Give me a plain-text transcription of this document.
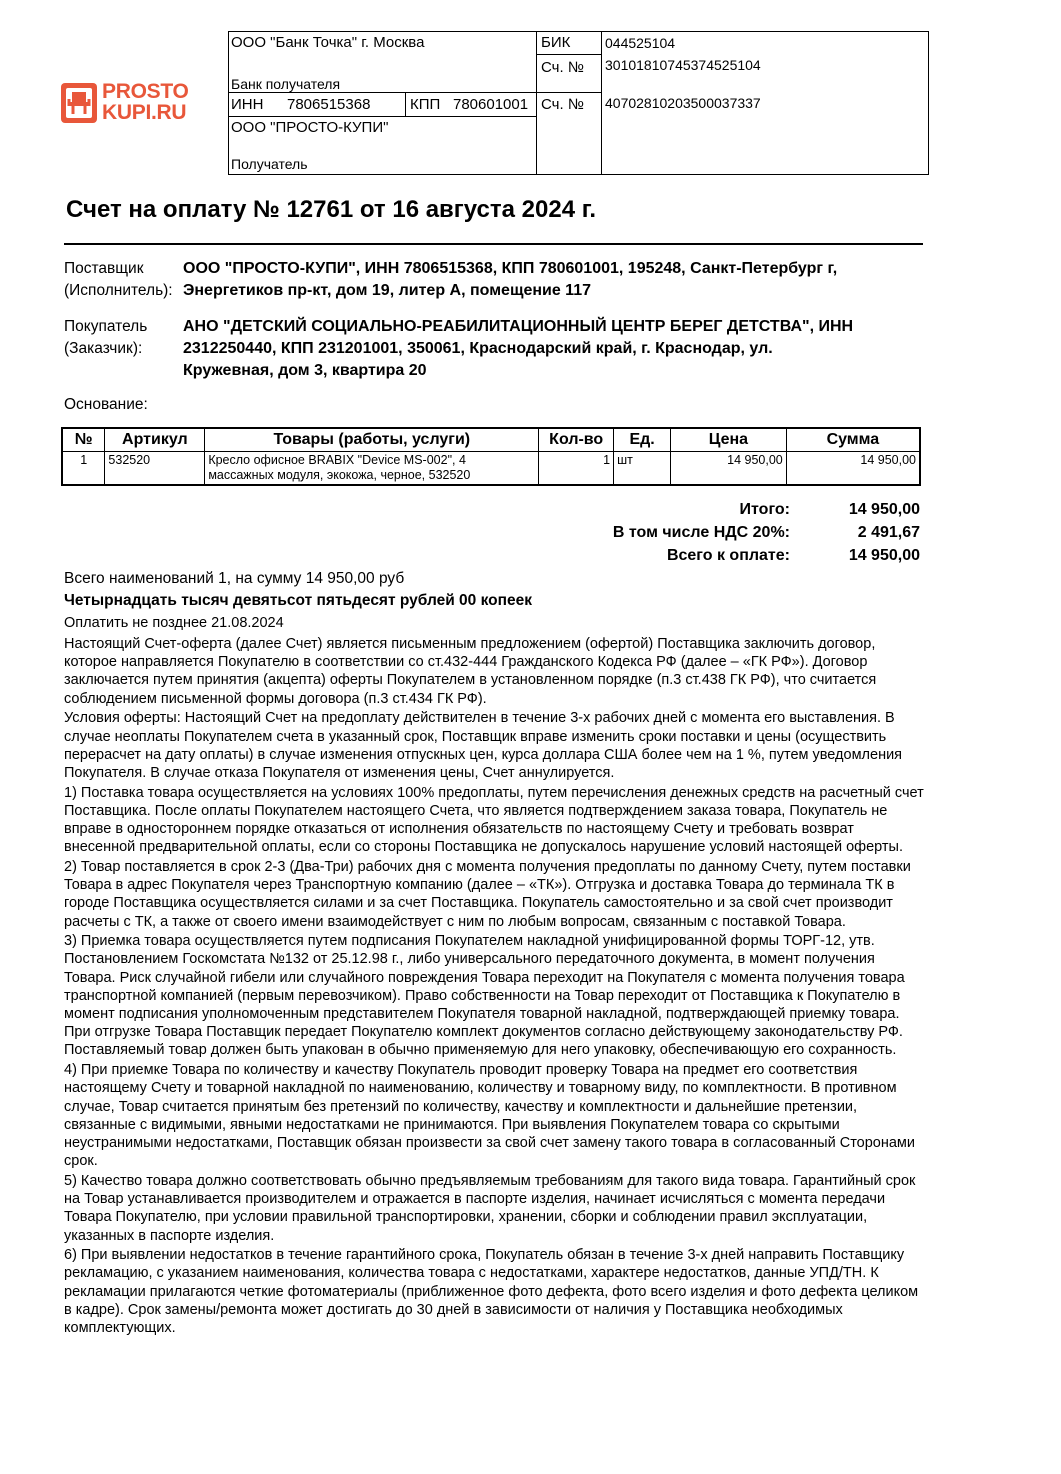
PROSTO
KUPI.RU
ООО "Банк Точка" г. Москва
Банк получателя
БИК 044525104
Сч. № 30101810745374525104
ИНН 7806515368	КПП 780601001 Сч. № 40702810203500037337
ООО "ПРОСТО-КУПИ"
Получатель
Счет на оплату № 12761 от 16 августа 2024 г.
Поставщик
(Исполнитель):
ООО "ПРОСТО-КУПИ", ИНН 7806515368, КПП 780601001, 195248, Санкт-Петербург г,
Энергетиков пр-кт, дом 19, литер А, помещение 117
Покупатель
(Заказчик):
АНО "ДЕТСКИЙ СОЦИАЛЬНО-РЕАБИЛИТАЦИОННЫЙ ЦЕНТР БЕРЕГ ДЕТСТВА", ИНН
2312250440, КПП 231201001, 350061, Краснодарский край, г. Краснодар, ул.
Кружевная, дом 3, квартира 20
Основание:
№	Артикул	Товары (работы, услуги)	Кол-во	Ед.	Цена	Сумма
1	532520	Кресло офисное BRABIX "Device MS-002", 4
массажных модуля, экокожа, черное, 532520	1	шт	14 950,00	14 950,00
Итого:	14 950,00
В том числе НДС 20%:	2 491,67
Всего к оплате:	14 950,00
Всего наименований 1, на сумму 14 950,00 руб
Четырнадцать тысяч девятьсот пятьдесят рублей 00 копеек
Оплатить не позднее 21.08.2024

Настоящий Счет-оферта (далее Счет) является письменным предложением (офертой) Поставщика заключить договор, которое направляется Покупателю в соответствии со ст.432-444 Гражданского Кодекса РФ (далее – «ГК РФ»). Договор заключается путем принятия (акцепта) оферты Покупателем в установленном порядке (п.3 ст.438 ГК РФ), что считается соблюдением письменной формы договора (п.3 ст.434 ГК РФ).

Условия оферты: Настоящий Счет на предоплату действителен в течение 3-х рабочих дней с момента его выставления. В случае неоплаты Покупателем счета в указанный срок, Поставщик вправе изменить сроки поставки и цены (осуществить перерасчет на дату оплаты) в случае изменения отпускных цен, курса доллара США более чем на 1 %, путем уведомления Покупателя. В случае отказа Покупателя от изменения цены, Счет аннулируется.

1) Поставка товара осуществляется на условиях 100% предоплаты, путем перечисления денежных средств на расчетный счет Поставщика. После оплаты Покупателем настоящего Счета, что является подтверждением заказа товара, Покупатель не вправе в одностороннем порядке отказаться от исполнения обязательств по настоящему Счету и требовать возврат внесенной предварительной оплаты, если со стороны Поставщика не допускалось нарушение условий настоящей оферты.

2) Товар поставляется в срок 2-3 (Два-Три) рабочих дня с момента получения предоплаты по данному Счету, путем поставки Товара в адрес Покупателя через Транспортную компанию (далее – «ТК»). Отгрузка и доставка Товара до терминала ТК в городе Поставщика осуществляется силами и за счет Поставщика. Покупатель самостоятельно и за свой счет производит расчеты с ТК, а также от своего имени взаимодействует с ним по любым вопросам, связанным с поставкой Товара.

3) Приемка товара осуществляется путем подписания Покупателем накладной унифицированной формы ТОРГ-12, утв. Постановлением Госкомстата №132 от 25.12.98 г., либо универсального передаточного документа, в момент получения Товара. Риск случайной гибели или случайного повреждения Товара переходит на Покупателя с момента получения товара транспортной компанией (первым перевозчиком). Право собственности на Товар переходит от Поставщика к Покупателю в момент подписания уполномоченным представителем Покупателя товарной накладной, подтверждающей приемку товара. При отгрузке Товара Поставщик передает Покупателю комплект документов согласно действующему законодательству РФ. Поставляемый товар должен быть упакован в обычно применяемую для него упаковку, обеспечивающую его сохранность.

4) При приемке Товара по количеству и качеству Покупатель проводит проверку Товара на предмет его соответствия настоящему Счету и товарной накладной по наименованию, количеству и товарному виду, по комплектности. В противном случае, Товар считается принятым без претензий по количеству, качеству и комплектности и дальнейшие претензии, связанные с видимыми, явными недостатками не принимаются. При выявления Покупателем товара со скрытыми неустранимыми недостатками, Поставщик обязан произвести за свой счет замену такого товара в согласованный Сторонами срок.

5) Качество товара должно соответствовать обычно предъявляемым требованиям для такого вида товара. Гарантийный срок на Товар устанавливается производителем и отражается в паспорте изделия, начинает исчисляться с момента передачи Товара Покупателю, при условии правильной транспортировки, хранении, сборки и соблюдении правил эксплуатации, указанных в паспорте изделия.

6) При выявлении недостатков в течение гарантийного срока, Покупатель обязан в течение 3-х дней направить Поставщику рекламацию, с указанием наименования, количества товара с недостатками, характере недостатков, данные УПД/ТН. К рекламации прилагаются четкие фотоматериалы (приближенное фото дефекта, фото всего изделия и фото дефекта целиком в кадре). Срок замены/ремонта может достигать до 30 дней в зависимости от наличия у Поставщика необходимых комплектующих.
